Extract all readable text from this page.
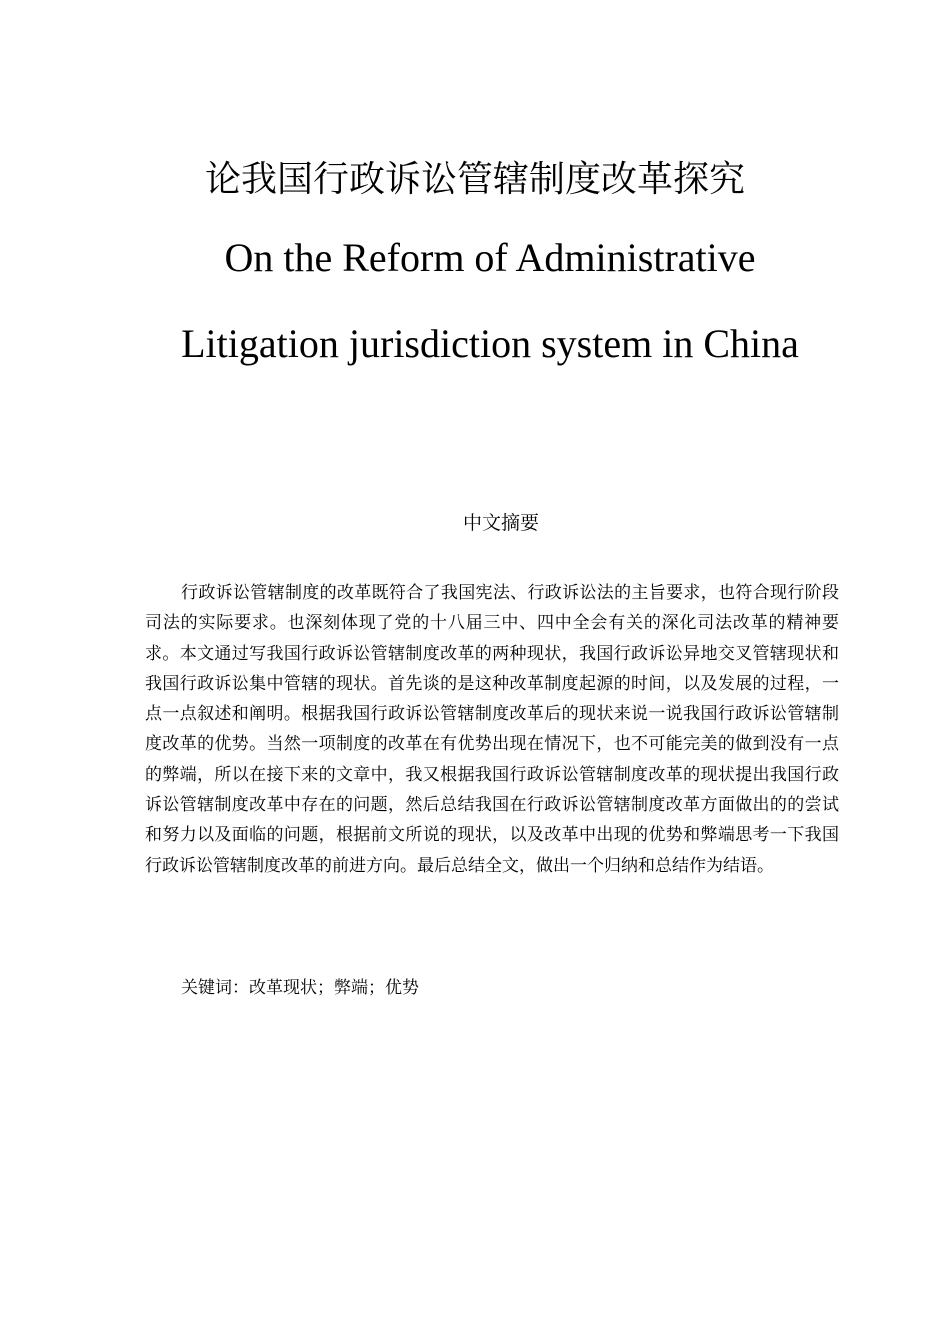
论我国行政诉讼管辖制度改革探究
On the Reform of Administrative
Litigation jurisdiction system in China
中文摘要

行政诉讼管辖制度的改革既符合了我国宪法、行政诉讼法的主旨要求，也符合现行阶段司法的实际要求。也深刻体现了党的十八届三中、四中全会有关的深化司法改革的精神要求。本文通过写我国行政诉讼管辖制度改革的两种现状，我国行政诉讼异地交叉管辖现状和我国行政诉讼集中管辖的现状。首先谈的是这种改革制度起源的时间，以及发展的过程，一点一点叙述和阐明。根据我国行政诉讼管辖制度改革后的现状来说一说我国行政诉讼管辖制度改革的优势。当然一项制度的改革在有优势出现在情况下，也不可能完美的做到没有一点的弊端，所以在接下来的文章中，我又根据我国行政诉讼管辖制度改革的现状提出我国行政诉讼管辖制度改革中存在的问题，然后总结我国在行政诉讼管辖制度改革方面做出的的尝试和努力以及面临的问题，根据前文所说的现状，以及改革中出现的优势和弊端思考一下我国行政诉讼管辖制度改革的前进方向。最后总结全文，做出一个归纳和总结作为结语。

关键词：改革现状；弊端；优势
